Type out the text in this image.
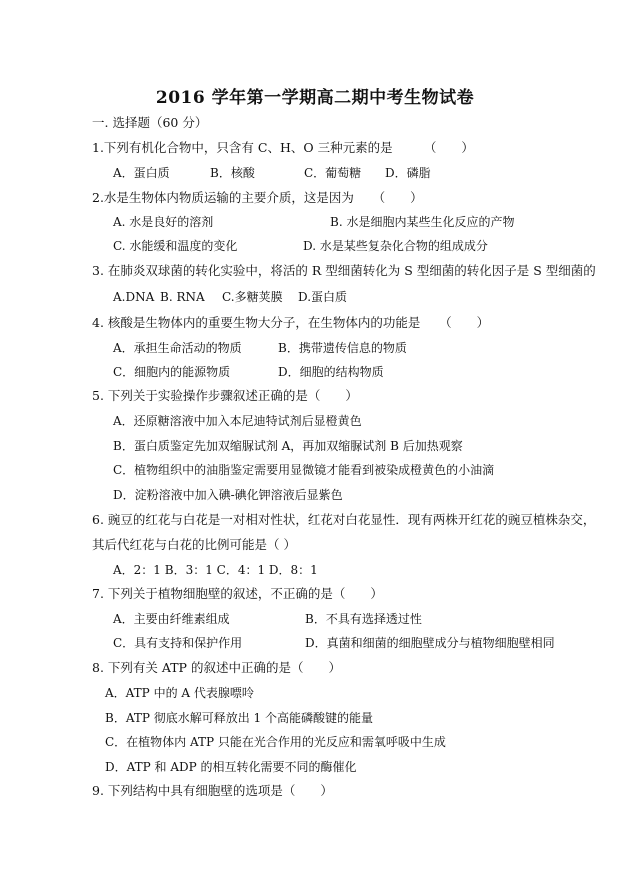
2016 学年第一学期高二期中考生物试卷
一. 选择题（60 分）
1.下列有机化合物中，只含有 C、H、O 三种元素的是　　　（　　）
A．蛋白质	B．核酸	C．葡萄糖 D．磷脂
2.水是生物体内物质运输的主要介质，这是因为　　（　　）
A. 水是良好的溶剂	B. 水是细胞内某些生化反应的产物
C. 水能缓和温度的变化	D. 水是某些复杂化合物的组成成分
3. 在肺炎双球菌的转化实验中，将活的 R 型细菌转化为 S 型细菌的转化因子是 S 型细菌的
A.DNA B. RNA C.多糖荚膜 D.蛋白质
4. 核酸是生物体内的重要生物大分子，在生物体内的功能是　　（　　）
A．承担生命活动的物质	B．携带遗传信息的物质
C．细胞内的能源物质	D．细胞的结构物质
5. 下列关于实验操作步骤叙述正确的是（　　）
A．还原糖溶液中加入本尼迪特试剂后显橙黄色
B．蛋白质鉴定先加双缩脲试剂 A，再加双缩脲试剂 B 后加热观察
C．植物组织中的油脂鉴定需要用显微镜才能看到被染成橙黄色的小油滴
D．淀粉溶液中加入碘-碘化钾溶液后显紫色
6. 豌豆的红花与白花是一对相对性状，红花对白花显性．现有两株开红花的豌豆植株杂交，
其后代红花与白花的比例可能是（ ）
A．2：1 B．3：1 C．4：1 D．8：1
7. 下列关于植物细胞壁的叙述，不正确的是（　　）
A．主要由纤维素组成	B．不具有选择透过性
C．具有支持和保护作用	D．真菌和细菌的细胞壁成分与植物细胞壁相同
8. 下列有关 ATP 的叙述中正确的是（　　）
A．ATP 中的 A 代表腺嘌呤
B．ATP 彻底水解可释放出 1 个高能磷酸键的能量
C．在植物体内 ATP 只能在光合作用的光反应和需氧呼吸中生成
D．ATP 和 ADP 的相互转化需要不同的酶催化
9. 下列结构中具有细胞壁的选项是（　　）
